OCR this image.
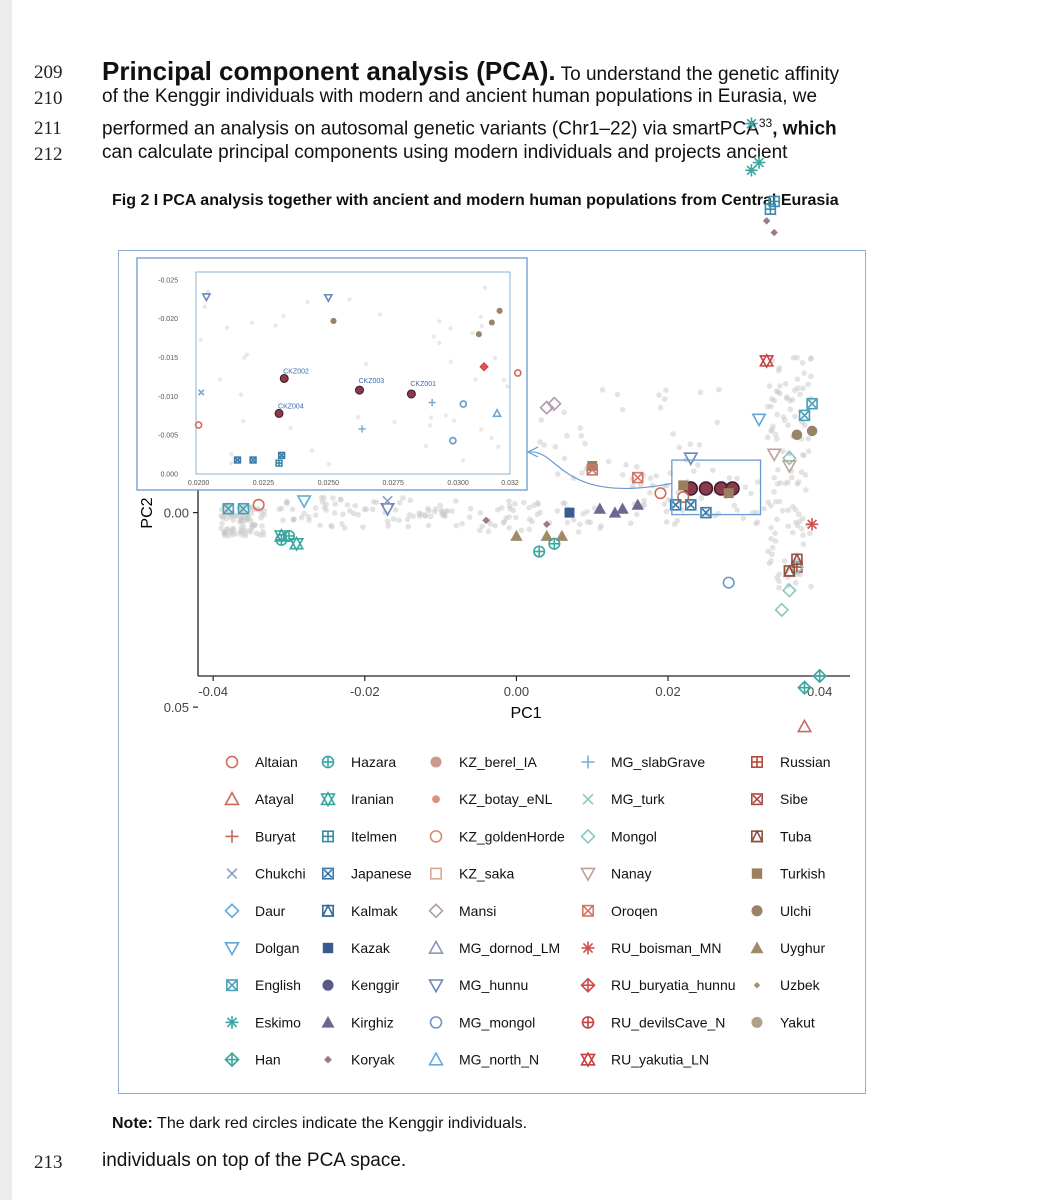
209	Principal component analysis (PCA). To understand the genetic affinity
210	of the Kenggir individuals with modern and ancient human populations in Eurasia, we
211	performed an analysis on autosomal genetic variants (Chr1–22) via smartPCA$^{33}$, which
212	can calculate principal components using modern individuals and projects ancient
Fig 2 I PCA analysis together with ancient and modern human populations from Central Eurasia
-0.04	-0.02	0.00	0.02	0.04
0.00
0.05	PC1
PC2
0.0200	0.0225	0.0250	0.0275	0.0300	0.032
0.000
-0.005
-0.010
-0.015
-0.020
-0.025
CKZ002
CKZ003	CKZ001
CKZ004
Altaian
Atayal
Buryat
Chukchi
Daur
Dolgan
English
Eskimo
Han
Hazara
Iranian
Itelmen
Japanese
Kalmak
Kazak
Kenggir
Kirghiz
Koryak
KZ_berel_IA
KZ_botay_eNL
KZ_goldenHorde
KZ_saka
Mansi
MG_dornod_LM
MG_hunnu
MG_mongol
MG_north_N
MG_slabGrave
MG_turk
Mongol
Nanay
Oroqen
RU_boisman_MN
RU_buryatia_hunnu
RU_devilsCave_N
RU_yakutia_LN
Russian
Sibe
Tuba
Turkish
Ulchi
Uyghur
Uzbek
Yakut
Note: The dark red circles indicate the Kenggir individuals.
213	individuals on top of the PCA space.
